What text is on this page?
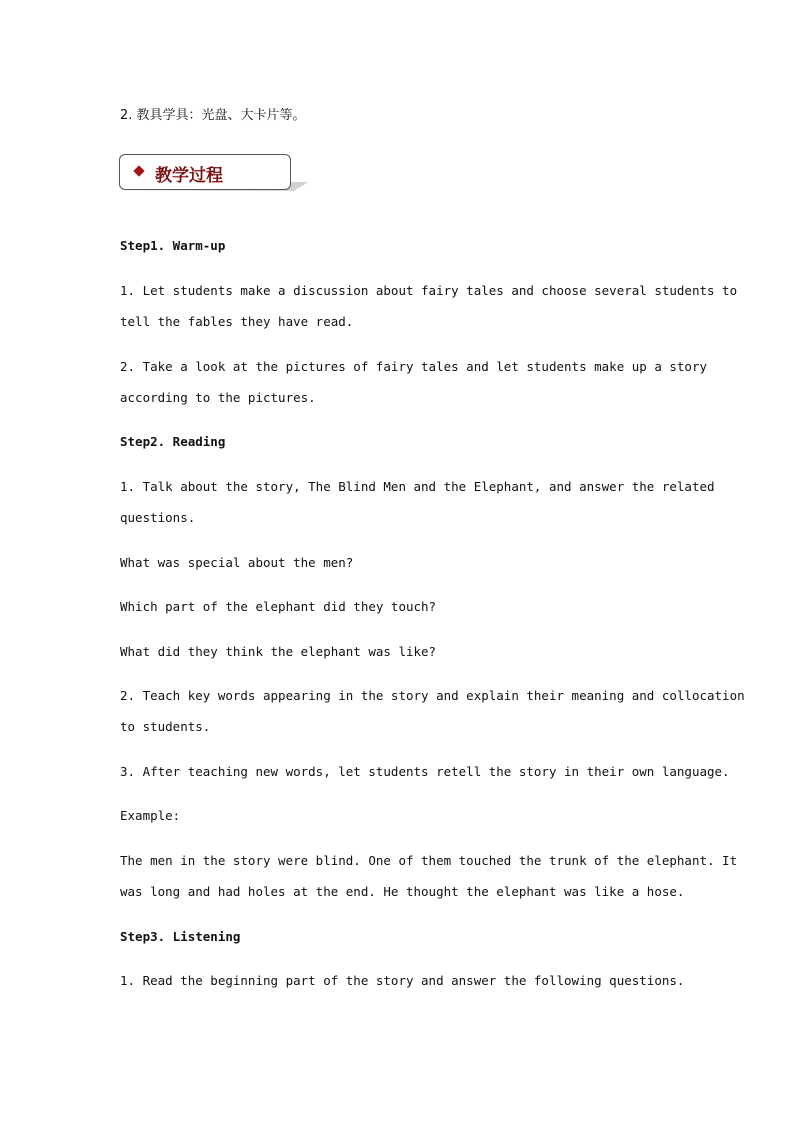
2. 教具学具：光盘、大卡片等。
教学过程
Step1. Warm-up
1. Let students make a discussion about fairy tales and choose several students to
tell the fables they have read.
2. Take a look at the pictures of fairy tales and let students make up a story
according to the pictures.
Step2. Reading
1. Talk about the story, The Blind Men and the Elephant, and answer the related
questions.
What was special about the men?
Which part of the elephant did they touch?
What did they think the elephant was like?
2. Teach key words appearing in the story and explain their meaning and collocation
to students.
3. After teaching new words, let students retell the story in their own language.
Example:
The men in the story were blind. One of them touched the trunk of the elephant. It
was long and had holes at the end. He thought the elephant was like a hose.
Step3. Listening
1. Read the beginning part of the story and answer the following questions.
